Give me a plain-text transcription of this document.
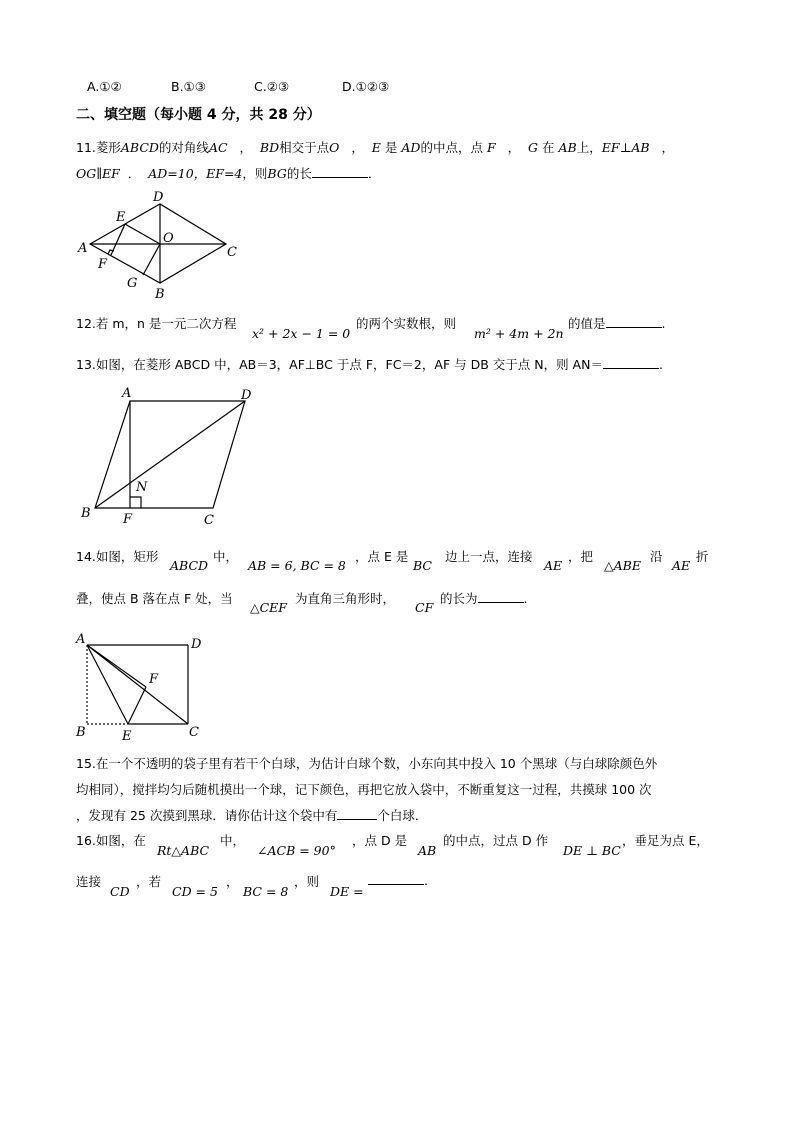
A.①②	B.①③	C.②③	D.①②③
二、填空题（每小题 4 分，共 28 分）
11.菱形ABCD的对角线AC ， BD相交于点O ， E 是 AD的中点，点 F ， G 在 AB上，EF⊥AB ，
OG∥EF ． AD=10，EF=4，则BG的长	．
D
E
O
A	C
F
G
B
12.若 m，n 是一元二次方程
x² + 2x − 1 = 0
的两个实数根，则
m² + 4m + 2n
的值是	.
13.如图，在菱形 ABCD 中，AB＝3，AF⊥BC 于点 F，FC＝2，AF 与 DB 交于点 N，则 AN＝	.
A	D
N
B F	C
14.如图，矩形
ABCD
中，
AB = 6, BC = 8
，点 E 是
BC
边上一点，连接
AE
，把
△ABE
沿
AE
折
叠，使点 B 落在点 F 处，当
△CEF
为直角三角形时，
CF
的长为	.
A	D
F
B	E	C
15.在一个不透明的袋子里有若干个白球，为估计白球个数，小东向其中投入 10 个黑球（与白球除颜色外
均相同），搅拌均匀后随机摸出一个球，记下颜色，再把它放入袋中，不断重复这一过程，共摸球 100 次
，发现有 25 次摸到黑球．请你估计这个袋中有	个白球．
16.如图，在
Rt△ABC
中，
∠ACB = 90°
，点 D 是
AB
的中点，过点 D 作
DE ⊥ BC
，垂足为点 E，
连接
CD
，若
CD = 5
，
BC = 8
，则
DE =
.
